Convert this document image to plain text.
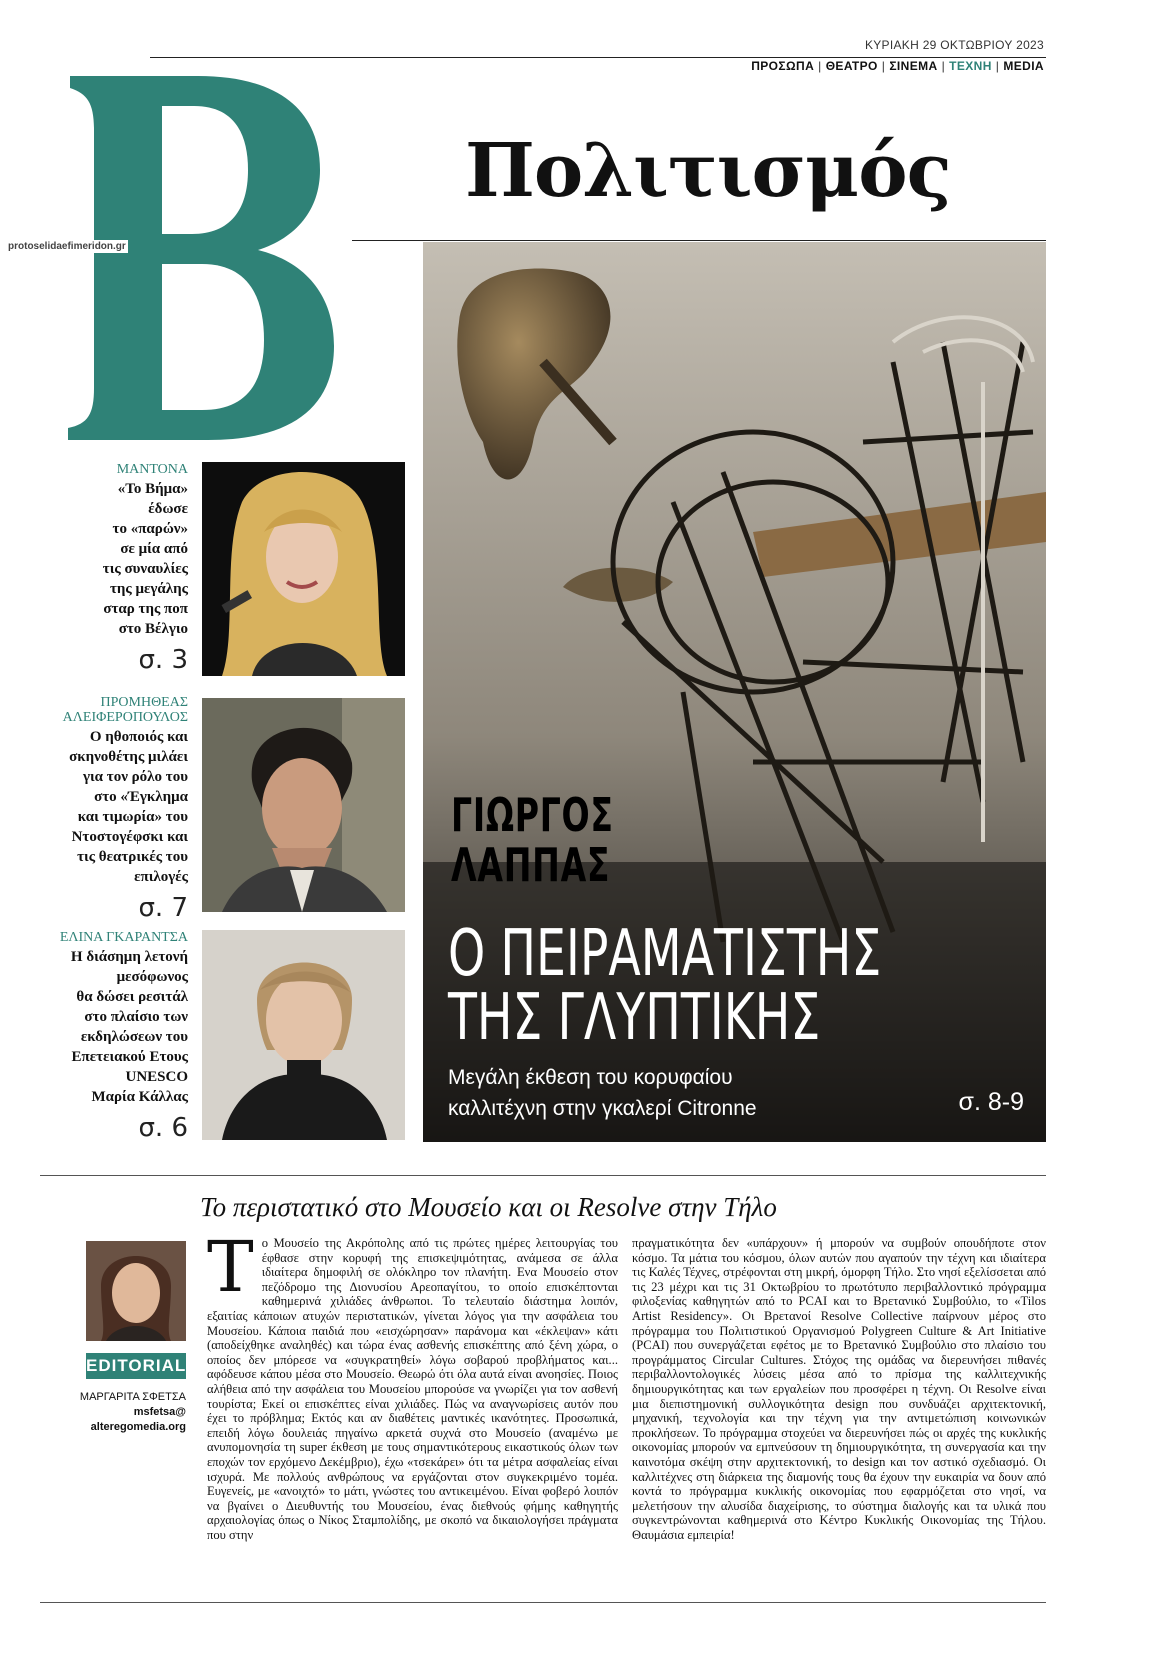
ΚΥΡΙΑΚΗ 29 ΟΚΤΩΒΡΙΟΥ 2023
ΠΡΟΣΩΠΑ | ΘΕΑΤΡΟ | ΣΙΝΕΜΑ | ΤΕΧΝΗ | MEDIA
protoselidaefimeridon.gr
Πολιτισμός
ΓΙΩΡΓΟΣ
ΛΑΠΠΑΣ
Ο ΠΕΙΡΑΜΑΤΙΣΤΗΣ
ΤΗΣ ΓΛΥΠΤΙΚΗΣ
Μεγάλη έκθεση του κορυφαίου
καλλιτέχνη στην γκαλερί Citronne	σ. 8-9
ΜΑΝΤΟΝΑ
«Το Βήμα»
έδωσε
το «παρών»
σε μία από
τις συναυλίες
της μεγάλης
σταρ της ποπ
στο Βέλγιο
σ. 3
ΠΡΟΜΗΘΕΑΣ ΑΛΕΙΦΕΡΟΠΟΥΛΟΣ
Ο ηθοποιός και
σκηνοθέτης μιλάει
για τον ρόλο του
στο «Έγκλημα
και τιμωρία» του
Ντοστογέφσκι και
τις θεατρικές του
επιλογές
σ. 7
ΕΛΙΝΑ ΓΚΑΡΑΝΤΣΑ
Η διάσημη λετονή
μεσόφωνος
θα δώσει ρεσιτάλ
στο πλαίσιο των
εκδηλώσεων του
Επετειακού Ετους
UNESCO
Μαρία Κάλλας
σ. 6
Το περιστατικό στο Μουσείο και οι Resolve στην Τήλο
EDITORIAL
ΜΑΡΓΑΡΙΤΑ ΣΦΕΤΣΑ
msfetsa@
alteregomedia.org
Το Μουσείο της Ακρόπολης από τις πρώτες ημέρες λειτουργίας του έφθασε στην κορυφή της επισκεψιμότητας, ανάμεσα σε άλλα ιδιαίτερα δημοφιλή σε ολόκληρο τον πλανήτη. Ενα Μουσείο στον πεζόδρομο της Διονυσίου Αρεοπαγίτου, το οποίο επισκέπτονται καθημερινά χιλιάδες άνθρωποι. Το τελευταίο διάστημα λοιπόν, εξαιτίας κάποιων ατυχών περιστατικών, γίνεται λόγος για την ασφάλεια του Μουσείου. Κάποια παιδιά που «εισχώρησαν» παράνομα και «έκλεψαν» κάτι (αποδείχθηκε αναληθές) και τώρα ένας ασθενής επισκέπτης από ξένη χώρα, ο οποίος δεν μπόρεσε να «συγκρατηθεί» λόγω σοβαρού προβλήματος και... αφόδευσε κάπου μέσα στο Μουσείο. Θεωρώ ότι όλα αυτά είναι ανοησίες. Ποιος αλήθεια από την ασφάλεια του Μουσείου μπορούσε να γνωρίζει για τον ασθενή τουρίστα; Εκεί οι επισκέπτες είναι χιλιάδες. Πώς να αναγνωρίσεις αυτόν που έχει το πρόβλημα; Εκτός και αν διαθέτεις μαντικές ικανότητες. Προσωπικά, επειδή λόγω δουλειάς πηγαίνω αρκετά συχνά στο Μουσείο (αναμένω με ανυπομονησία τη super έκθεση με τους σημαντικότερους εικαστικούς όλων των εποχών τον ερχόμενο Δεκέμβριο), έχω «τσεκάρει» ότι τα μέτρα ασφαλείας είναι ισχυρά. Με πολλούς ανθρώπους να εργάζονται στον συγκεκριμένο τομέα. Ευγενείς, με «ανοιχτό» το μάτι, γνώστες του αντικειμένου. Είναι φοβερό λοιπόν να βγαίνει ο Διευθυντής του Μουσείου, ένας διεθνούς φήμης καθηγητής αρχαιολογίας όπως ο Νίκος Σταμπολίδης, με σκοπό να δικαιολογήσει πράγματα που στην
πραγματικότητα δεν «υπάρχουν» ή μπορούν να συμβούν οπουδήποτε στον κόσμο. Τα μάτια του κόσμου, όλων αυτών που αγαπούν την τέχνη και ιδιαίτερα τις Καλές Τέχνες, στρέφονται στη μικρή, όμορφη Τήλο. Στο νησί εξελίσσεται από τις 23 μέχρι και τις 31 Οκτωβρίου το πρωτότυπο περιβαλλοντικό πρόγραμμα φιλοξενίας καθηγητών από το PCAI και το Βρετανικό Συμβούλιο, το «Tilos Artist Residency». Οι Βρετανοί Resolve Collective παίρνουν μέρος στο πρόγραμμα του Πολιτιστικού Οργανισμού Polygreen Culture & Art Initiative (PCAI) που συνεργάζεται εφέτος με το Βρετανικό Συμβούλιο στο πλαίσιο του προγράμματος Circular Cultures. Στόχος της ομάδας να διερευνήσει πιθανές περιβαλλοντολογικές λύσεις μέσα από το πρίσμα της καλλιτεχνικής δημιουργικότητας και των εργαλείων που προσφέρει η τέχνη. Οι Resolve είναι μια διεπιστημονική συλλογικότητα design που συνδυάζει αρχιτεκτονική, μηχανική, τεχνολογία και την τέχνη για την αντιμετώπιση κοινωνικών προκλήσεων. Το πρόγραμμα στοχεύει να διερευνήσει πώς οι αρχές της κυκλικής οικονομίας μπορούν να εμπνεύσουν τη δημιουργικότητα, τη συνεργασία και την καινοτόμα σκέψη στην αρχιτεκτονική, το design και τον αστικό σχεδιασμό. Οι καλλιτέχνες στη διάρκεια της διαμονής τους θα έχουν την ευκαιρία να δουν από κοντά το πρόγραμμα κυκλικής οικονομίας που εφαρμόζεται στο νησί, να μελετήσουν την αλυσίδα διαχείρισης, το σύστημα διαλογής και τα υλικά που συγκεντρώνονται καθημερινά στο Κέντρο Κυκλικής Οικονομίας της Τήλου. Θαυμάσια εμπειρία!
